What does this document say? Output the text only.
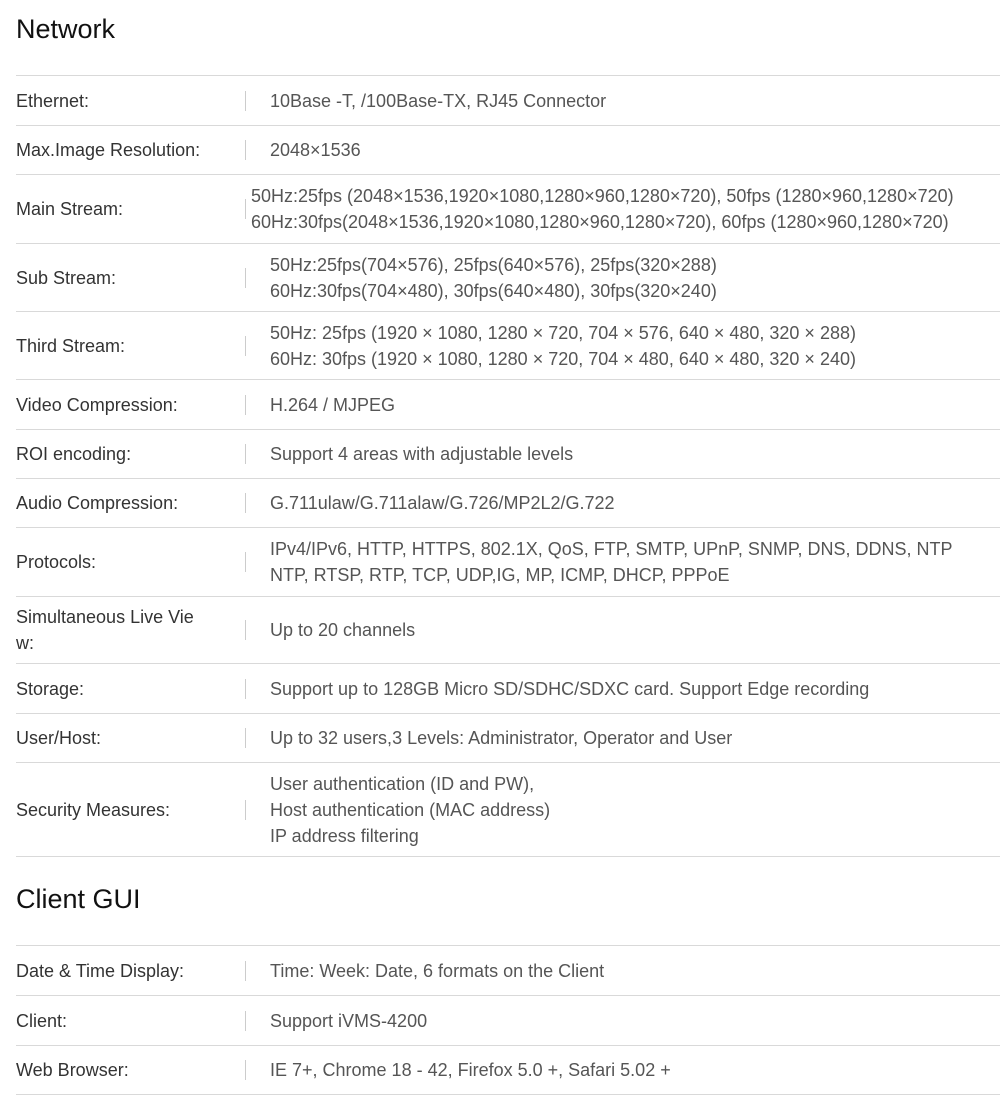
Network
Ethernet:	10Base -T, /100Base-TX, RJ45 Connector
Max.Image Resolution:	2048×1536
Main Stream:
50Hz:25fps (2048×1536,1920×1080,1280×960,1280×720), 50fps (1280×960,1280×720)
60Hz:30fps(2048×1536,1920×1080,1280×960,1280×720), 60fps (1280×960,1280×720)
Sub Stream:
50Hz:25fps(704×576), 25fps(640×576), 25fps(320×288)
60Hz:30fps(704×480), 30fps(640×480), 30fps(320×240)
Third Stream:
50Hz: 25fps (1920 × 1080, 1280 × 720, 704 × 576, 640 × 480, 320 × 288)
60Hz: 30fps (1920 × 1080, 1280 × 720, 704 × 480, 640 × 480, 320 × 240)
Video Compression:	H.264 / MJPEG
ROI encoding:	Support 4 areas with adjustable levels
Audio Compression:	G.711ulaw/G.711alaw/G.726/MP2L2/G.722
Protocols:
IPv4/IPv6, HTTP, HTTPS, 802.1X, QoS, FTP, SMTP, UPnP, SNMP, DNS, DDNS, NTP
NTP, RTSP, RTP, TCP, UDP,IG, MP, ICMP, DHCP, PPPoE
Simultaneous Live Vie
w:
Up to 20 channels
Storage:	Support up to 128GB Micro SD/SDHC/SDXC card. Support Edge recording
User/Host:	Up to 32 users,3 Levels: Administrator, Operator and User
Security Measures:
User authentication (ID and PW),
Host authentication (MAC address)
IP address filtering
Client GUI
Date & Time Display:	Time: Week: Date, 6 formats on the Client
Client:	Support iVMS-4200
Web Browser:	IE 7+, Chrome 18 - 42, Firefox 5.0 +, Safari 5.02 +
